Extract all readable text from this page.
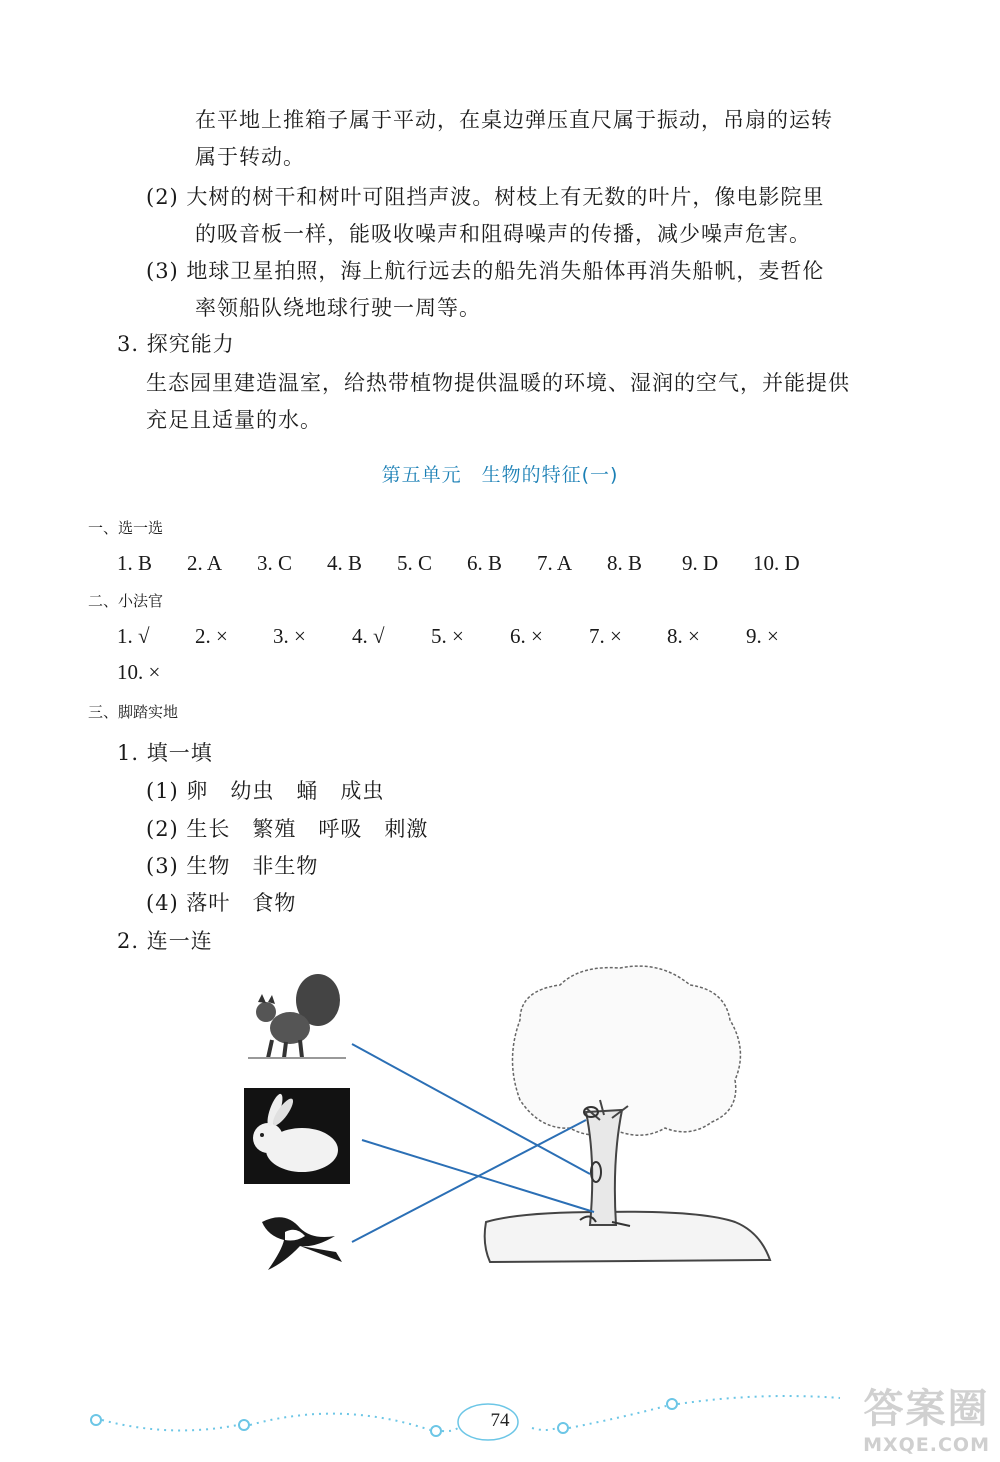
在平地上推箱子属于平动，在桌边弹压直尺属于振动，吊扇的运转
属于转动。
(2) 大树的树干和树叶可阻挡声波。树枝上有无数的叶片，像电影院里
的吸音板一样，能吸收噪声和阻碍噪声的传播，减少噪声危害。
(3) 地球卫星拍照，海上航行远去的船先消失船体再消失船帆，麦哲伦
率领船队绕地球行驶一周等。
3. 探究能力
生态园里建造温室，给热带植物提供温暖的环境、湿润的空气，并能提供
充足且适量的水。
第五单元　生物的特征(一)
一、选一选
1. B 2. A 3. C 4. B 5. C 6. B 7. A 8. B 9. D 10. D
二、小法官
1. √ 2. × 3. × 4. √ 5. × 6. × 7. × 8. × 9. ×
10. ×
三、脚踏实地
1. 填一填
(1) 卵　幼虫　蛹　成虫
(2) 生长　繁殖　呼吸　刺激
(3) 生物　非生物
(4) 落叶　食物
2. 连一连
74	答案圈
MXQE.COM
